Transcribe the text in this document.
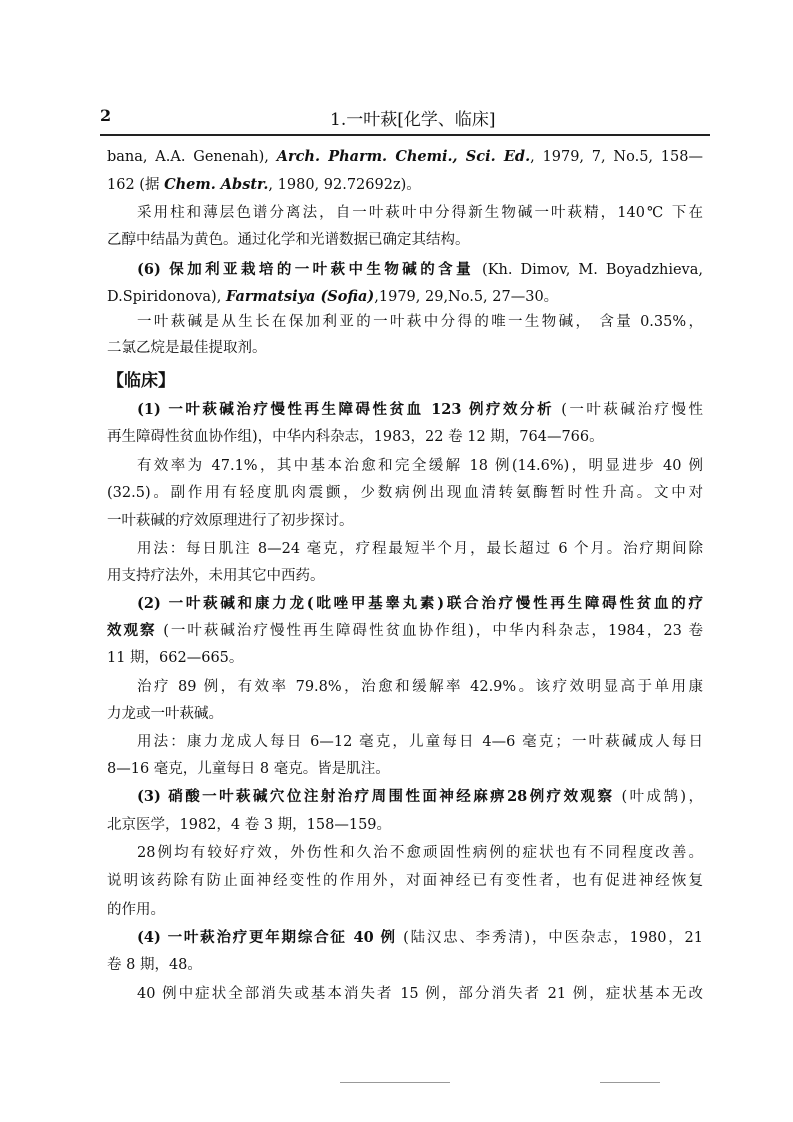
2	1.一叶萩[化学、临床]
【临床】
bana, A.A. Genenah), Arch. Pharm. Chemi., Sci. Ed., 1979, 7, No.5, 158—
162 (据 Chem. Abstr., 1980, 92.72692z)。
采用柱和薄层色谱分离法，自一叶萩叶中分得新生物碱一叶萩精，140℃ 下在
乙醇中结晶为黄色。通过化学和光谱数据已确定其结构。
(6) 保加利亚栽培的一叶萩中生物碱的含量 (Kh. Dimov, M. Boyadzhieva,
D.Spiridonova), Farmatsiya (Sofia),1979, 29,No.5, 27—30。
一叶萩碱是从生长在保加利亚的一叶萩中分得的唯一生物碱， 含量 0.35%，
二氯乙烷是最佳提取剂。
(1) 一叶萩碱治疗慢性再生障碍性贫血 123 例疗效分析 (一叶萩碱治疗慢性
再生障碍性贫血协作组)，中华内科杂志，1983，22 卷 12 期，764—766。
有效率为 47.1%，其中基本治愈和完全缓解 18 例(14.6%)，明显进步 40 例
(32.5)。副作用有轻度肌肉震颤，少数病例出现血清转氨酶暂时性升高。文中对
一叶萩碱的疗效原理进行了初步探讨。
用法：每日肌注 8—24 毫克，疗程最短半个月，最长超过 6 个月。治疗期间除
用支持疗法外，未用其它中西药。
(2) 一叶萩碱和康力龙(吡唑甲基睾丸素)联合治疗慢性再生障碍性贫血的疗
效观察 (一叶萩碱治疗慢性再生障碍性贫血协作组)，中华内科杂志，1984，23 卷
11 期，662—665。
治疗 89 例，有效率 79.8%，治愈和缓解率 42.9%。该疗效明显高于单用康
力龙或一叶萩碱。
用法：康力龙成人每日 6—12 毫克，儿童每日 4—6 毫克；一叶萩碱成人每日
8—16 毫克，儿童每日 8 毫克。皆是肌注。
(3) 硝酸一叶萩碱穴位注射治疗周围性面神经麻痹28例疗效观察 (叶成鹄)，
北京医学，1982，4 卷 3 期，158—159。
28例均有较好疗效，外伤性和久治不愈顽固性病例的症状也有不同程度改善。
说明该药除有防止面神经变性的作用外，对面神经已有变性者，也有促进神经恢复
的作用。
(4) 一叶萩治疗更年期综合征 40 例 (陆汉忠、李秀清)，中医杂志，1980，21
卷 8 期，48。
40 例中症状全部消失或基本消失者 15 例，部分消失者 21 例，症状基本无改
